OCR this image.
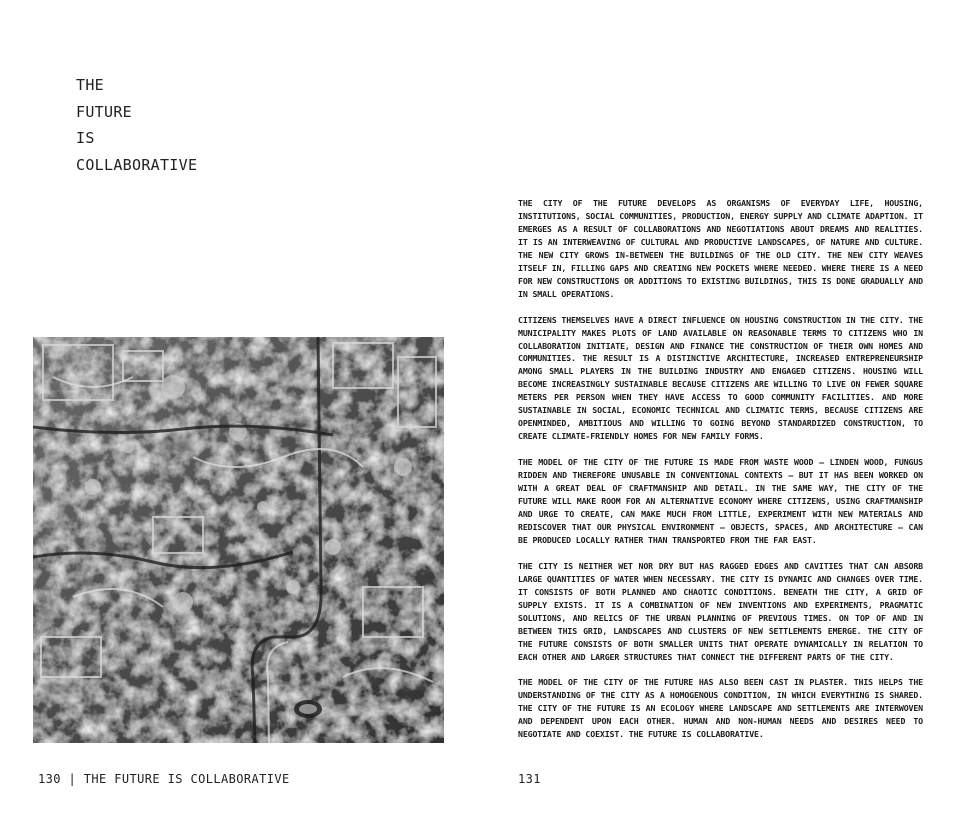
THE
FUTURE
IS
COLLABORATIVE
130 | THE FUTURE IS COLLABORATIVE

THE CITY OF THE FUTURE DEVELOPS AS ORGANISMS OF EVERYDAY LIFE, HOUSING, INSTITUTIONS, SOCIAL COMMUNITIES, PRODUCTION, ENERGY SUPPLY AND CLIMATE ADAPTION. IT EMERGES AS A RESULT OF COLLABORATIONS AND NEGOTIATIONS ABOUT DREAMS AND REALITIES. IT IS AN INTERWEAVING OF CULTURAL AND PRODUCTIVE LANDSCAPES, OF NATURE AND CULTURE. THE NEW CITY GROWS IN-BETWEEN THE BUILDINGS OF THE OLD CITY. THE NEW CITY WEAVES ITSELF IN, FILLING GAPS AND CREATING NEW POCKETS WHERE NEEDED. WHERE THERE IS A NEED FOR NEW CONSTRUCTIONS OR ADDITIONS TO EXISTING BUILDINGS, THIS IS DONE GRADUALLY AND IN SMALL OPERATIONS.

CITIZENS THEMSELVES HAVE A DIRECT INFLUENCE ON HOUSING CONSTRUCTION IN THE CITY. THE MUNICIPALITY MAKES PLOTS OF LAND AVAILABLE ON REASONABLE TERMS TO CITIZENS WHO IN COLLABORATION INITIATE, DESIGN AND FINANCE THE CONSTRUCTION OF THEIR OWN HOMES AND COMMUNITIES. THE RESULT IS A DISTINCTIVE ARCHITECTURE, INCREASED ENTREPRENEURSHIP AMONG SMALL PLAYERS IN THE BUILDING INDUSTRY AND ENGAGED CITIZENS. HOUSING WILL BECOME INCREASINGLY SUSTAINABLE BECAUSE CITIZENS ARE WILLING TO LIVE ON FEWER SQUARE METERS PER PERSON WHEN THEY HAVE ACCESS TO GOOD COMMUNITY FACILITIES. AND MORE SUSTAINABLE IN SOCIAL, ECONOMIC TECHNICAL AND CLIMATIC TERMS, BECAUSE CITIZENS ARE OPENMINDED, AMBITIOUS AND WILLING TO GOING BEYOND STANDARDIZED CONSTRUCTION, TO CREATE CLIMATE-FRIENDLY HOMES FOR NEW FAMILY FORMS.

THE MODEL OF THE CITY OF THE FUTURE IS MADE FROM WASTE WOOD – LINDEN WOOD, FUNGUS RIDDEN AND THEREFORE UNUSABLE IN CONVENTIONAL CONTEXTS – BUT IT HAS BEEN WORKED ON WITH A GREAT DEAL OF CRAFTMANSHIP AND DETAIL. IN THE SAME WAY, THE CITY OF THE FUTURE WILL MAKE ROOM FOR AN ALTERNATIVE ECONOMY WHERE CITIZENS, USING CRAFTMANSHIP AND URGE TO CREATE, CAN MAKE MUCH FROM LITTLE, EXPERIMENT WITH NEW MATERIALS AND REDISCOVER THAT OUR PHYSICAL ENVIRONMENT – OBJECTS, SPACES, AND ARCHITECTURE – CAN BE PRODUCED LOCALLY RATHER THAN TRANSPORTED FROM THE FAR EAST.

THE CITY IS NEITHER WET NOR DRY BUT HAS RAGGED EDGES AND CAVITIES THAT CAN ABSORB LARGE QUANTITIES OF WATER WHEN NECESSARY. THE CITY IS DYNAMIC AND CHANGES OVER TIME. IT CONSISTS OF BOTH PLANNED AND CHAOTIC CONDITIONS. BENEATH THE CITY, A GRID OF SUPPLY EXISTS. IT IS A COMBINATION OF NEW INVENTIONS AND EXPERIMENTS, PRAGMATIC SOLUTIONS, AND RELICS OF THE URBAN PLANNING OF PREVIOUS TIMES. ON TOP OF AND IN BETWEEN THIS GRID, LANDSCAPES AND CLUSTERS OF NEW SETTLEMENTS EMERGE. THE CITY OF THE FUTURE CONSISTS OF BOTH SMALLER UNITS THAT OPERATE DYNAMICALLY IN RELATION TO EACH OTHER AND LARGER STRUCTURES THAT CONNECT THE DIFFERENT PARTS OF THE CITY.

THE MODEL OF THE CITY OF THE FUTURE HAS ALSO BEEN CAST IN PLASTER. THIS HELPS THE UNDERSTANDING OF THE CITY AS A HOMOGENOUS CONDITION, IN WHICH EVERYTHING IS SHARED. THE CITY OF THE FUTURE IS AN ECOLOGY WHERE LANDSCAPE AND SETTLEMENTS ARE INTERWOVEN AND DEPENDENT UPON EACH OTHER. HUMAN AND NON-HUMAN NEEDS AND DESIRES NEED TO NEGOTIATE AND COEXIST. THE FUTURE IS COLLABORATIVE.

131
